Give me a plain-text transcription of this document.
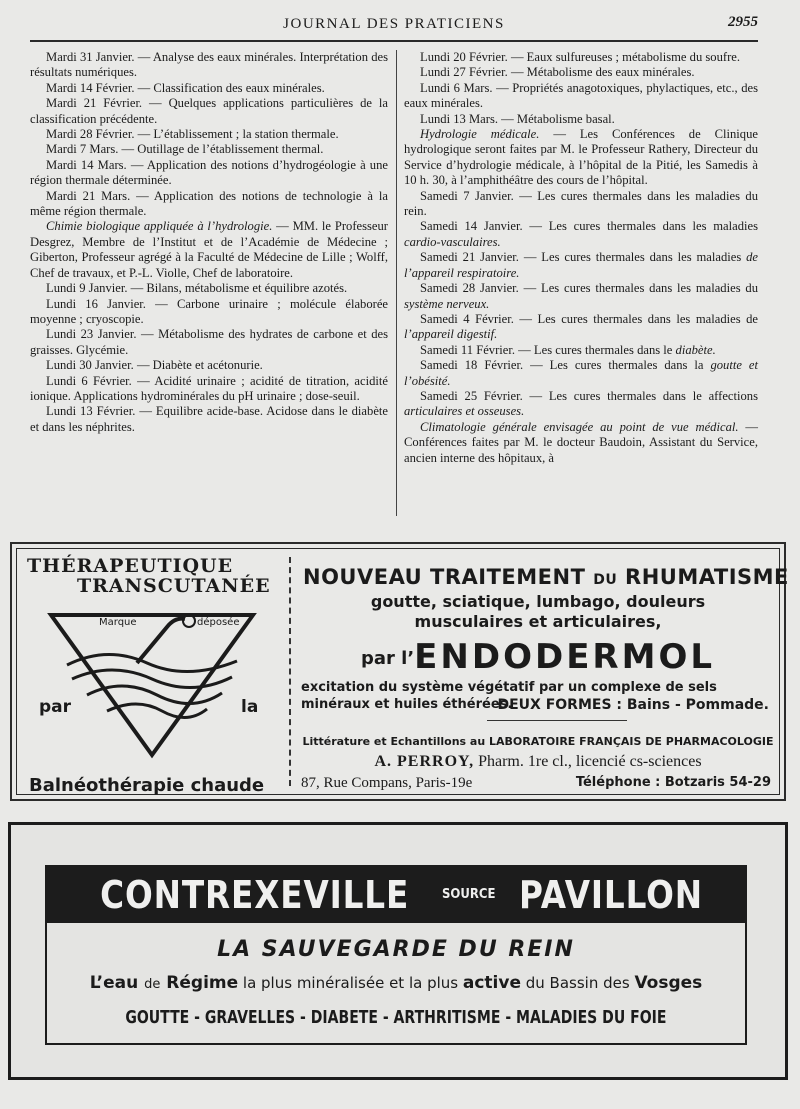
JOURNAL DES PRATICIENS	2955

Mardi 31 Janvier. — Analyse des eaux minérales. Interprétation des résultats numériques.

Mardi 14 Février. — Classification des eaux minérales.

Mardi 21 Février. — Quelques applications particulières de la classification précédente.

Mardi 28 Février. — L’établissement ; la station thermale.

Mardi 7 Mars. — Outillage de l’établissement thermal.

Mardi 14 Mars. — Application des notions d’hydrogéologie à une région thermale déterminée.

Mardi 21 Mars. — Application des notions de technologie à la même région thermale.

Chimie biologique appliquée à l’hydrologie. — MM. le Professeur Desgrez, Membre de l’Institut et de l’Académie de Médecine ; Giberton, Professeur agrégé à la Faculté de Médecine de Lille ; Wolff, Chef de travaux, et P.-L. Violle, Chef de laboratoire.

Lundi 9 Janvier. — Bilans, métabolisme et équilibre azotés.

Lundi 16 Janvier. — Carbone urinaire ; molécule élaborée moyenne ; cryoscopie.

Lundi 23 Janvier. — Métabolisme des hydrates de carbone et des graisses. Glycémie.

Lundi 30 Janvier. — Diabète et acétonurie.

Lundi 6 Février. — Acidité urinaire ; acidité de titration, acidité ionique. Applications hydrominérales du pH urinaire ; dose-seuil.

Lundi 13 Février. — Equilibre acide-base. Acidose dans le diabète et dans les néphrites.

Lundi 20 Février. — Eaux sulfureuses ; métabolisme du soufre.

Lundi 27 Février. — Métabolisme des eaux minérales.

Lundi 6 Mars. — Propriétés anagotoxiques, phylactiques, etc., des eaux minérales.

Lundi 13 Mars. — Métabolisme basal.

Hydrologie médicale. — Les Conférences de Clinique hydrologique seront faites par M. le Professeur Rathery, Directeur du Service d’hydrologie médicale, à l’hôpital de la Pitié, les Samedis à 10 h. 30, à l’amphithéâtre des cours de l’hôpital.

Samedi 7 Janvier. — Les cures thermales dans les maladies du rein.

Samedi 14 Janvier. — Les cures thermales dans les maladies cardio-vasculaires.

Samedi 21 Janvier. — Les cures thermales dans les maladies de l’appareil respiratoire.

Samedi 28 Janvier. — Les cures thermales dans les maladies du système nerveux.

Samedi 4 Février. — Les cures thermales dans les maladies de l’appareil digestif.

Samedi 11 Février. — Les cures thermales dans le diabète.

Samedi 18 Février. — Les cures thermales dans la goutte et l’obésité.

Samedi 25 Février. — Les cures thermales dans le affections articulaires et osseuses.

Climatologie générale envisagée au point de vue médical. — Conférences faites par M. le docteur Baudoin, Assistant du Service, ancien interne des hôpitaux, à

THÉRAPEUTIQUE
TRANSCUTANÉE
Marque	déposée
par	la
Balnéothérapie chaude
NOUVEAU TRAITEMENT DU RHUMATISME
goutte, sciatique, lumbago, douleurs
musculaires et articulaires,
par l’ENDODERMOL
excitation du système végétatif par un complexe de sels minéraux et huiles éthérées.
DEUX FORMES : Bains - Pommade.
Littérature et Echantillons au LABORATOIRE FRANÇAIS DE PHARMACOLOGIE
A. PERROY, Pharm. 1re cl., licencié cs-sciences
87, Rue Compans, Paris-19e	Téléphone : Botzaris 54-29
CONTREXEVILLE	SOURCE PAVILLON
LA SAUVEGARDE DU REIN
L’eau de Régime la plus minéralisée et la plus active du Bassin des Vosges
GOUTTE - GRAVELLES - DIABETE - ARTHRITISME - MALADIES DU FOIE
